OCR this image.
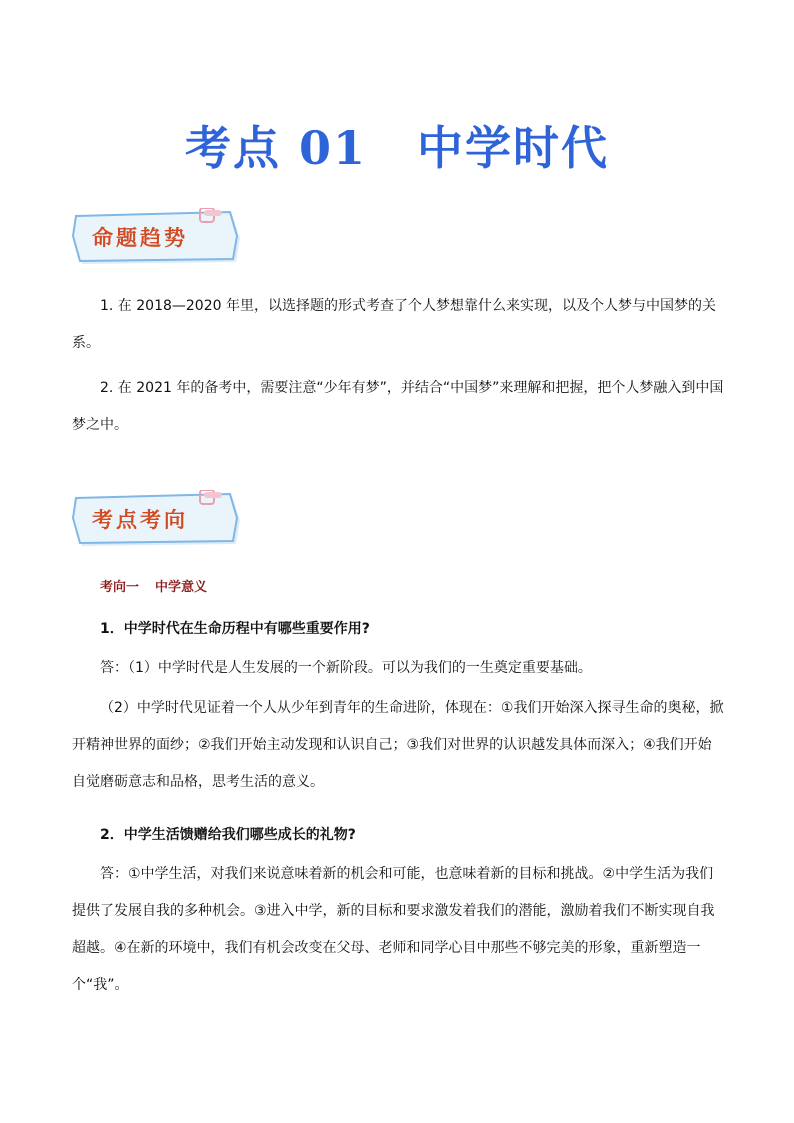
考点 01 中学时代
命题趋势
1. 在 2018—2020 年里，以选择题的形式考查了个人梦想靠什么来实现，以及个人梦与中国梦的关系。
2. 在 2021 年的备考中，需要注意“少年有梦”，并结合“中国梦”来理解和把握，把个人梦融入到中国梦之中。
考点考向
考向一 中学意义
1．中学时代在生命历程中有哪些重要作用?
答：（1）中学时代是人生发展的一个新阶段。可以为我们的一生奠定重要基础。
（2）中学时代见证着一个人从少年到青年的生命进阶，体现在：①我们开始深入探寻生命的奥秘，掀开精神世界的面纱；②我们开始主动发现和认识自己；③我们对世界的认识越发具体而深入；④我们开始自觉磨砺意志和品格，思考生活的意义。
2．中学生活馈赠给我们哪些成长的礼物?
答：①中学生活，对我们来说意味着新的机会和可能，也意味着新的目标和挑战。②中学生活为我们提供了发展自我的多种机会。③进入中学，新的目标和要求激发着我们的潜能，激励着我们不断实现自我超越。④在新的环境中，我们有机会改变在父母、老师和同学心目中那些不够完美的形象，重新塑造一个“我”。
